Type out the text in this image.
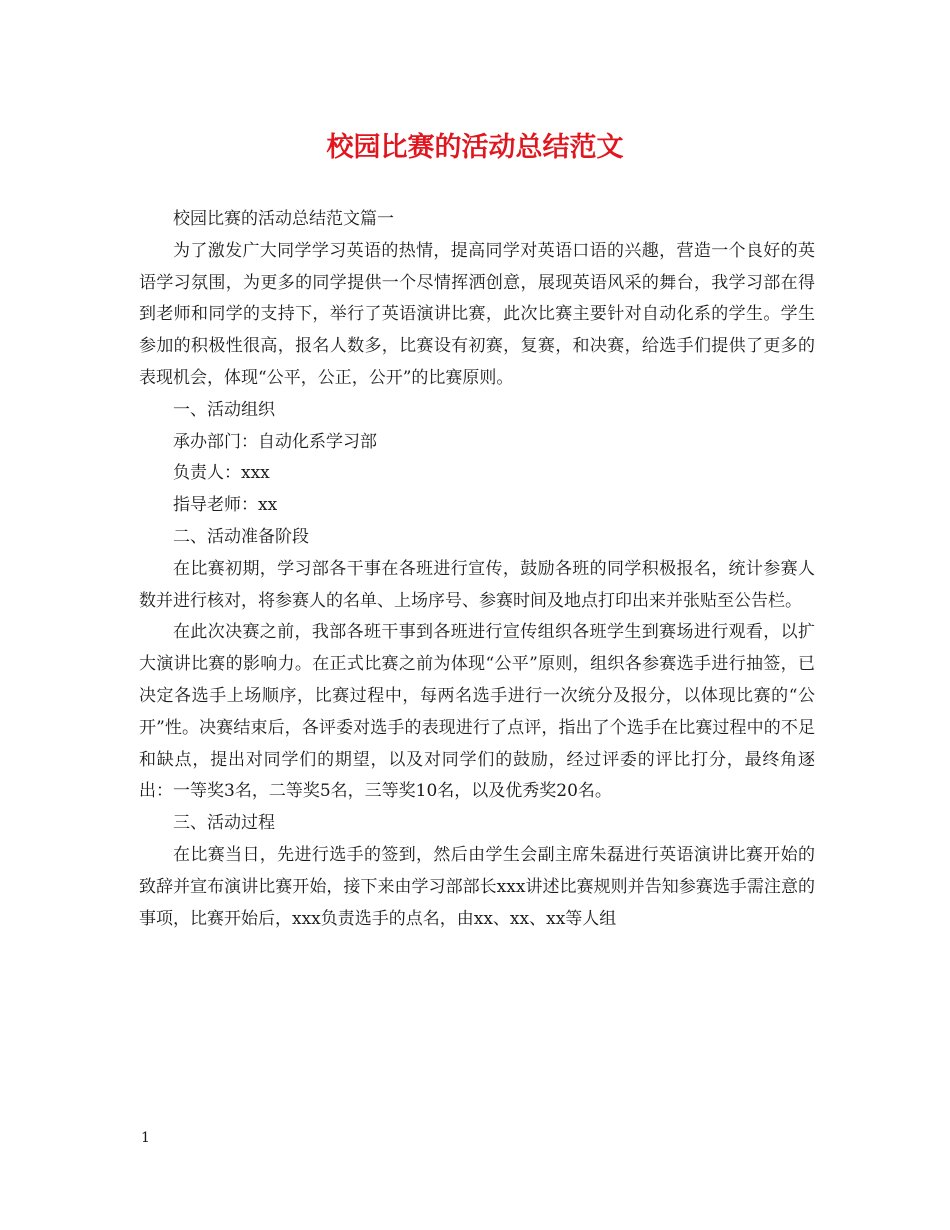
校园比赛的活动总结范文

校园比赛的活动总结范文篇一

为了激发广大同学学习英语的热情，提高同学对英语口语的兴趣，营造一个良好的英语学习氛围，为更多的同学提供一个尽情挥洒创意，展现英语风采的舞台，我学习部在得到老师和同学的支持下，举行了英语演讲比赛，此次比赛主要针对自动化系的学生。学生参加的积极性很高，报名人数多，比赛设有初赛，复赛，和决赛，给选手们提供了更多的表现机会，体现“公平，公正，公开”的比赛原则。

一、活动组织

承办部门：自动化系学习部

负责人：xxx

指导老师：xx

二、活动准备阶段

在比赛初期，学习部各干事在各班进行宣传，鼓励各班的同学积极报名，统计参赛人数并进行核对，将参赛人的名单、上场序号、参赛时间及地点打印出来并张贴至公告栏。

在此次决赛之前，我部各班干事到各班进行宣传组织各班学生到赛场进行观看，以扩大演讲比赛的影响力。在正式比赛之前为体现“公平”原则，组织各参赛选手进行抽签，已决定各选手上场顺序，比赛过程中，每两名选手进行一次统分及报分，以体现比赛的“公开”性。决赛结束后，各评委对选手的表现进行了点评，指出了个选手在比赛过程中的不足和缺点，提出对同学们的期望，以及对同学们的鼓励，经过评委的评比打分，最终角逐出：一等奖3名，二等奖5名，三等奖10名，以及优秀奖20名。

三、活动过程

在比赛当日，先进行选手的签到，然后由学生会副主席朱磊进行英语演讲比赛开始的致辞并宣布演讲比赛开始，接下来由学习部部长xxx讲述比赛规则并告知参赛选手需注意的事项，比赛开始后，xxx负责选手的点名，由xx、xx、xx等人组

1
